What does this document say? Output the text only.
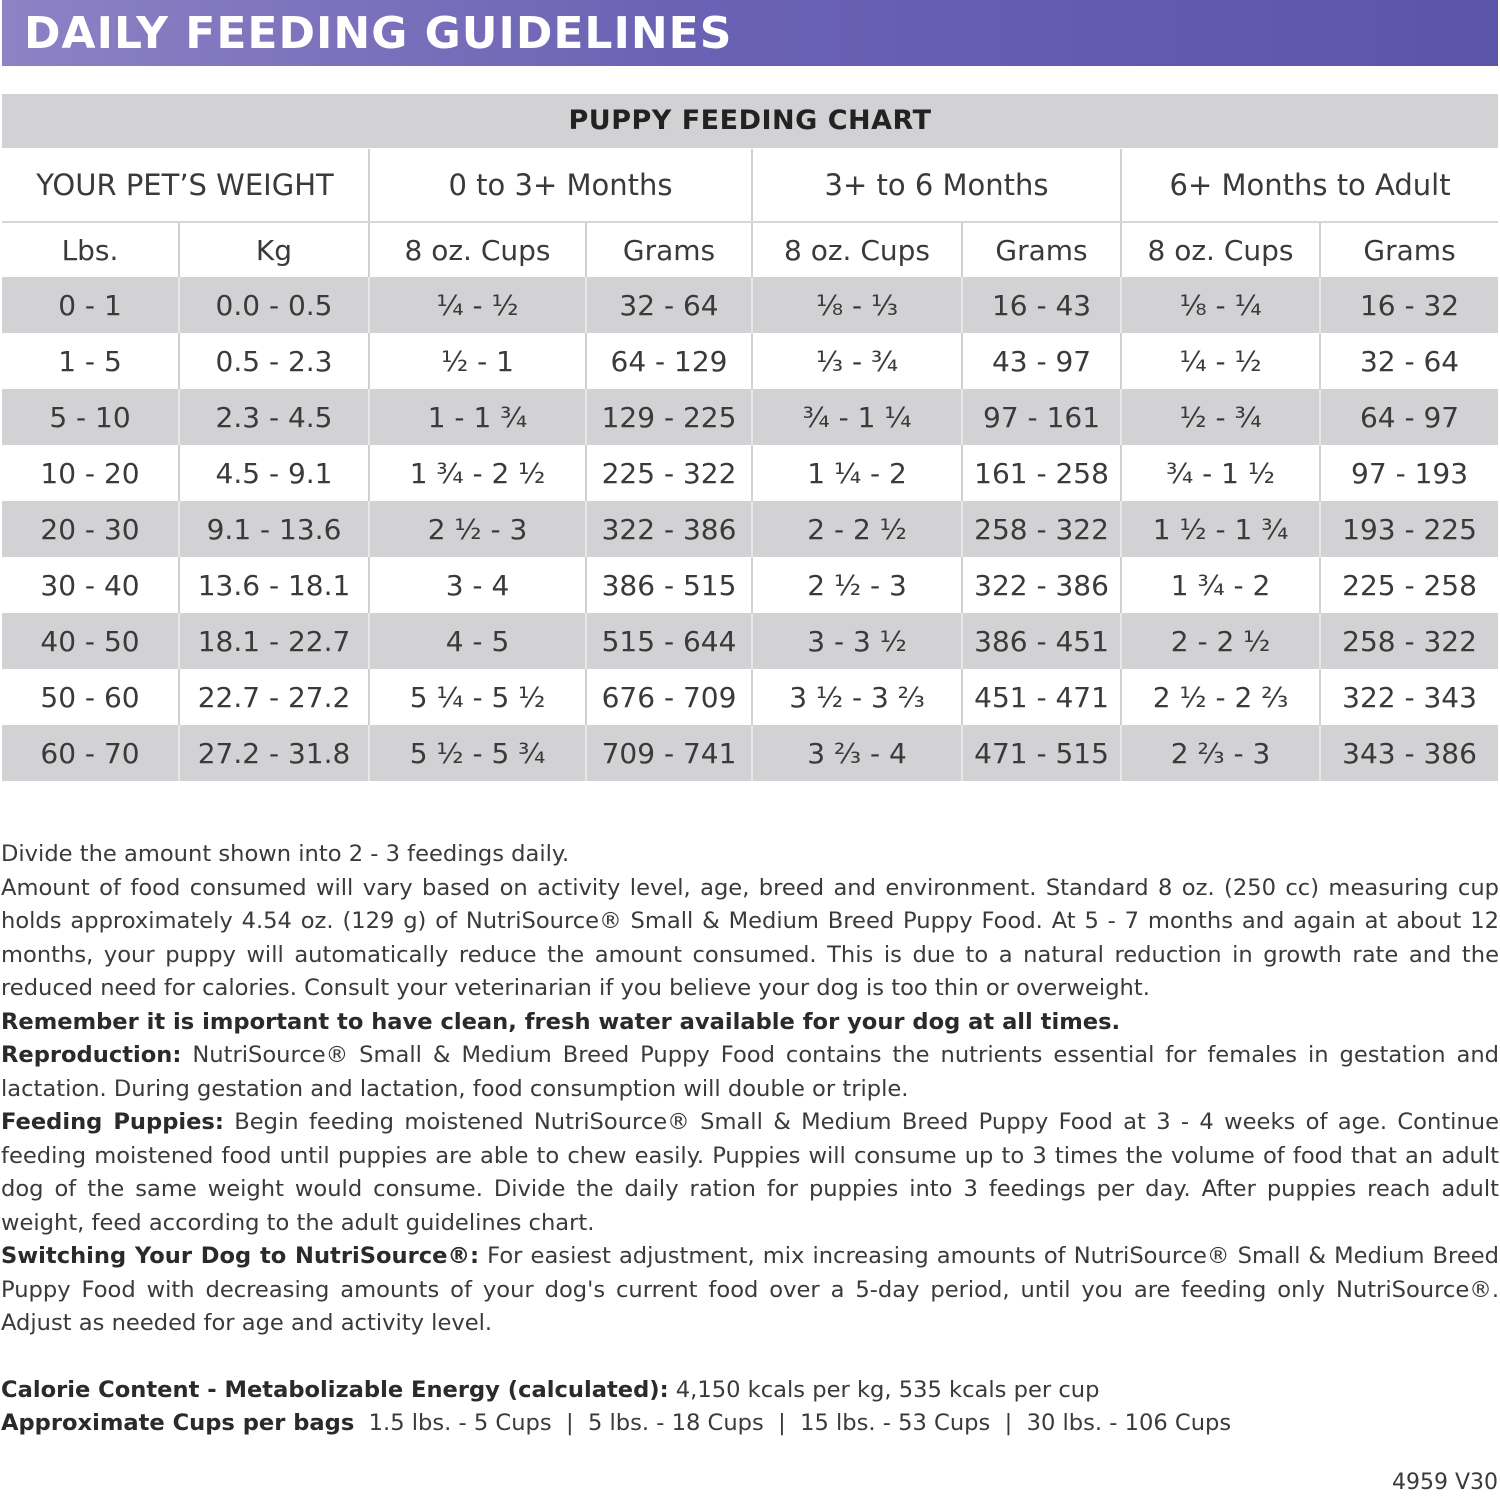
DAILY FEEDING GUIDELINES
PUPPY FEEDING CHART
YOUR PET’S WEIGHT		0 to 3+ Months		3+ to 6 Months		6+ Months to Adult	
Lbs.	Kg	8 oz. Cups	Grams	8 oz. Cups	Grams	8 oz. Cups	Grams
0 - 1	0.0 - 0.5	¹⁄₄ - ¹⁄₂	32 - 64	¹⁄₈ - ¹⁄₃	16 - 43	¹⁄₈ - ¹⁄₄	16 - 32
1 - 5	0.5 - 2.3	¹⁄₂ - 1	64 - 129	¹⁄₃ - ³⁄₄	43 - 97	¹⁄₄ - ¹⁄₂	32 - 64
5 - 10	2.3 - 4.5	1 - 1 ³⁄₄	129 - 225	³⁄₄ - 1 ¹⁄₄	97 - 161	¹⁄₂ - ³⁄₄	64 - 97
10 - 20	4.5 - 9.1	1 ³⁄₄ - 2 ¹⁄₂	225 - 322	1 ¹⁄₄ - 2	161 - 258	³⁄₄ - 1 ¹⁄₂	97 - 193
20 - 30	9.1 - 13.6	2 ¹⁄₂ - 3	322 - 386	2 - 2 ¹⁄₂	258 - 322	1 ¹⁄₂ - 1 ³⁄₄	193 - 225
30 - 40	13.6 - 18.1	3 - 4	386 - 515	2 ¹⁄₂ - 3	322 - 386	1 ³⁄₄ - 2	225 - 258
40 - 50	18.1 - 22.7	4 - 5	515 - 644	3 - 3 ¹⁄₂	386 - 451	2 - 2 ¹⁄₂	258 - 322
50 - 60	22.7 - 27.2	5 ¹⁄₄ - 5 ¹⁄₂	676 - 709	3 ¹⁄₂ - 3 ²⁄₃	451 - 471	2 ¹⁄₂ - 2 ²⁄₃	322 - 343
60 - 70	27.2 - 31.8	5 ¹⁄₂ - 5 ³⁄₄	709 - 741	3 ²⁄₃ - 4	471 - 515	2 ²⁄₃ - 3	343 - 386

Divide the amount shown into 2 - 3 feedings daily.

Amount of food consumed will vary based on activity level, age, breed and environment. Standard 8 oz. (250 cc) measuring cup holds approximately 4.54 oz. (129 g) of NutriSource® Small & Medium Breed Puppy Food. At 5 - 7 months and again at about 12 months, your puppy will automatically reduce the amount consumed. This is due to a natural reduction in growth rate and the reduced need for calories. Consult your veterinarian if you believe your dog is too thin or overweight.

Remember it is important to have clean, fresh water available for your dog at all times.

Reproduction: NutriSource® Small & Medium Breed Puppy Food contains the nutrients essential for females in gestation and lactation. During gestation and lactation, food consumption will double or triple.

Feeding Puppies: Begin feeding moistened NutriSource® Small & Medium Breed Puppy Food at 3 - 4 weeks of age. Continue feeding moistened food until puppies are able to chew easily. Puppies will consume up to 3 times the volume of food that an adult dog of the same weight would consume. Divide the daily ration for puppies into 3 feedings per day. After puppies reach adult weight, feed according to the adult guidelines chart.

Switching Your Dog to NutriSource®: For easiest adjustment, mix increasing amounts of NutriSource® Small & Medium Breed Puppy Food with decreasing amounts of your dog's current food over a 5-day period, until you are feeding only NutriSource®. Adjust as needed for age and activity level.

Calorie Content - Metabolizable Energy (calculated): 4,150 kcals per kg, 535 kcals per cup

Approximate Cups per bags  1.5 lbs. - 5 Cups  |  5 lbs. - 18 Cups  |  15 lbs. - 53 Cups  |  30 lbs. - 106 Cups

4959 V30
